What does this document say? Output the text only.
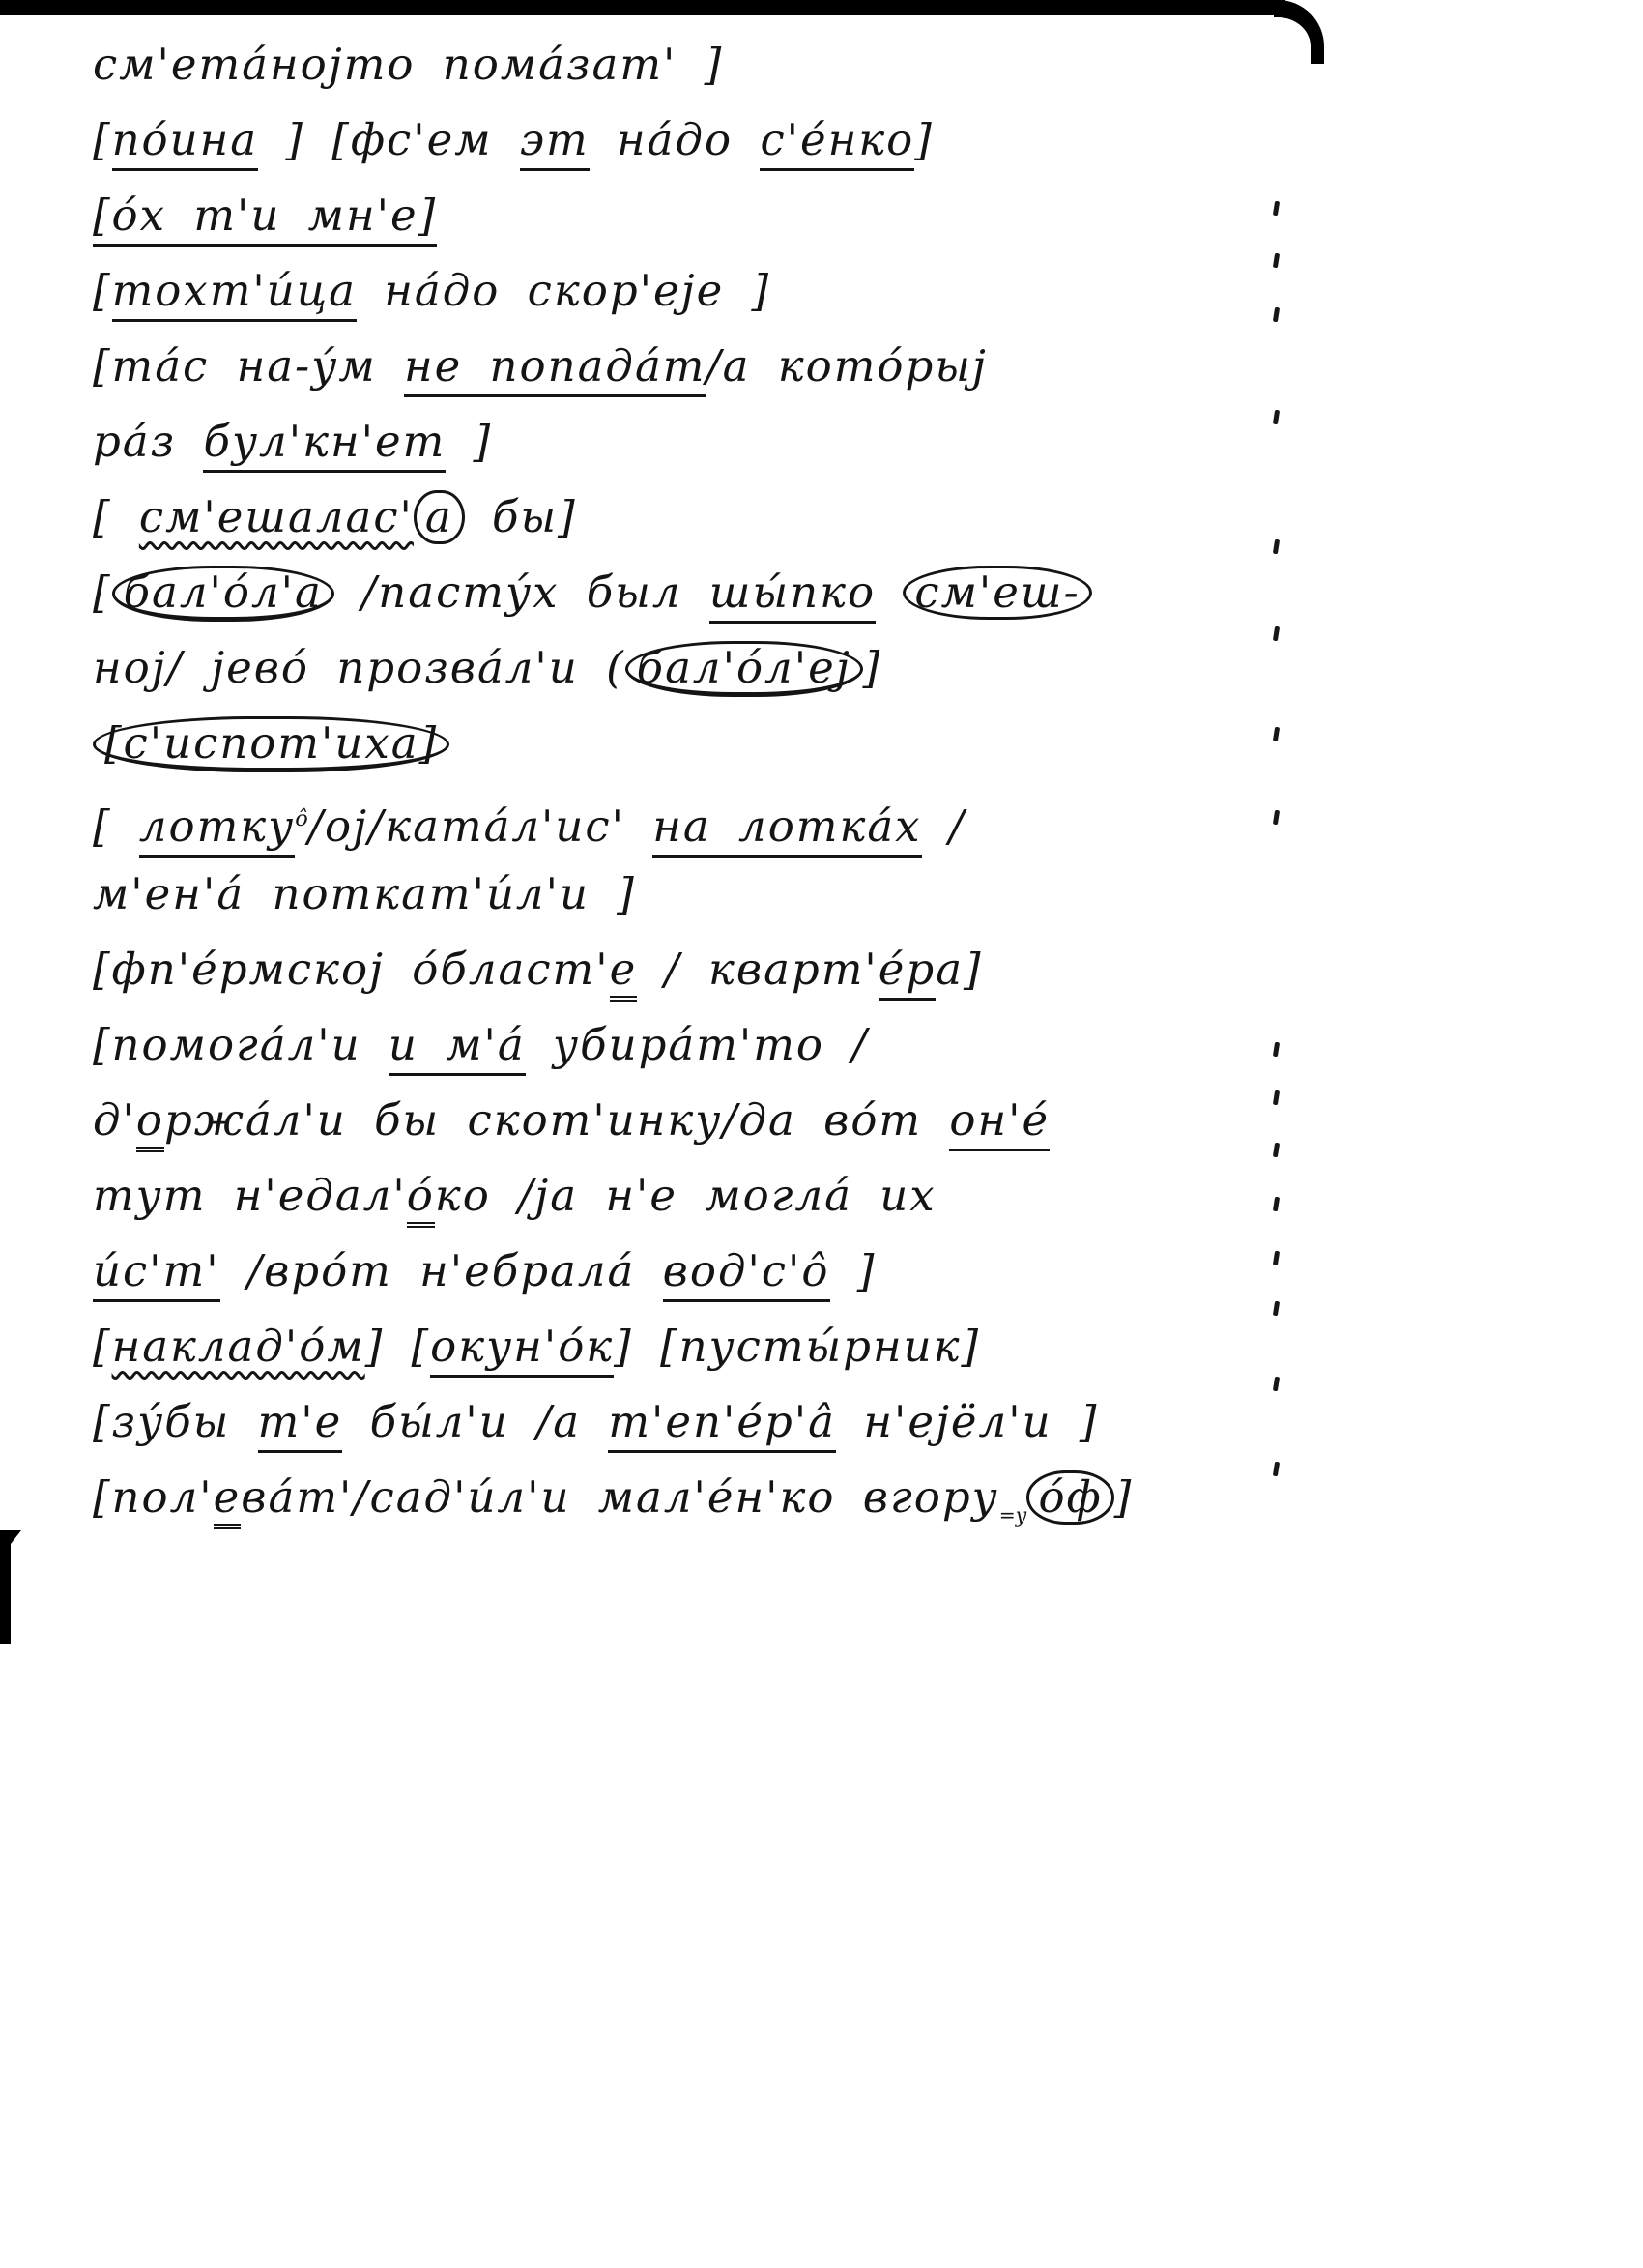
см'ета́нојто пома́зат' ]
[по́ина ] [фс'ем эт на́до с'е́нко]
[о́х т'и мн'е]
[тохт'и́ца на́до скор'еје ]
[та́с на-у́м не попада́т/а кото́рыј
ра́з бул'кн'ет ]
[ см'ешалас' а бы]
[ бал'о́л'а /пасту́х был шы́пко см'еш-
ној/ јево́ прозва́л'и ( бал'о́л'еј ]
[с'испот'иха]
[ лотку$^{о̂}$/ој/ката́л'ис' на лотка́х /
м'ен'а́ поткат'и́л'и ]
[фп'е́рмској о́бласт'е / кварт'е́ра]
[помога́л'и и м'а́ убира́т'то /
д'оржа́л'и бы скот'инку/да во́т он'е́
тут н'едал'о́ко /ја н'е могла́ их
и́с'т' /вро́т н'ебрала́ вод'с'о̂ ]
[наклад'о́м] [окун'о́к] [пусты́рник]
[зу́бы т'е бы́л'и /а т'еп'е́р'а̂ н'ејёл'и ]
[пол'ева́т'/сад'и́л'и мал'е́н'ко вгору$_{=у}$ о́ф ]
